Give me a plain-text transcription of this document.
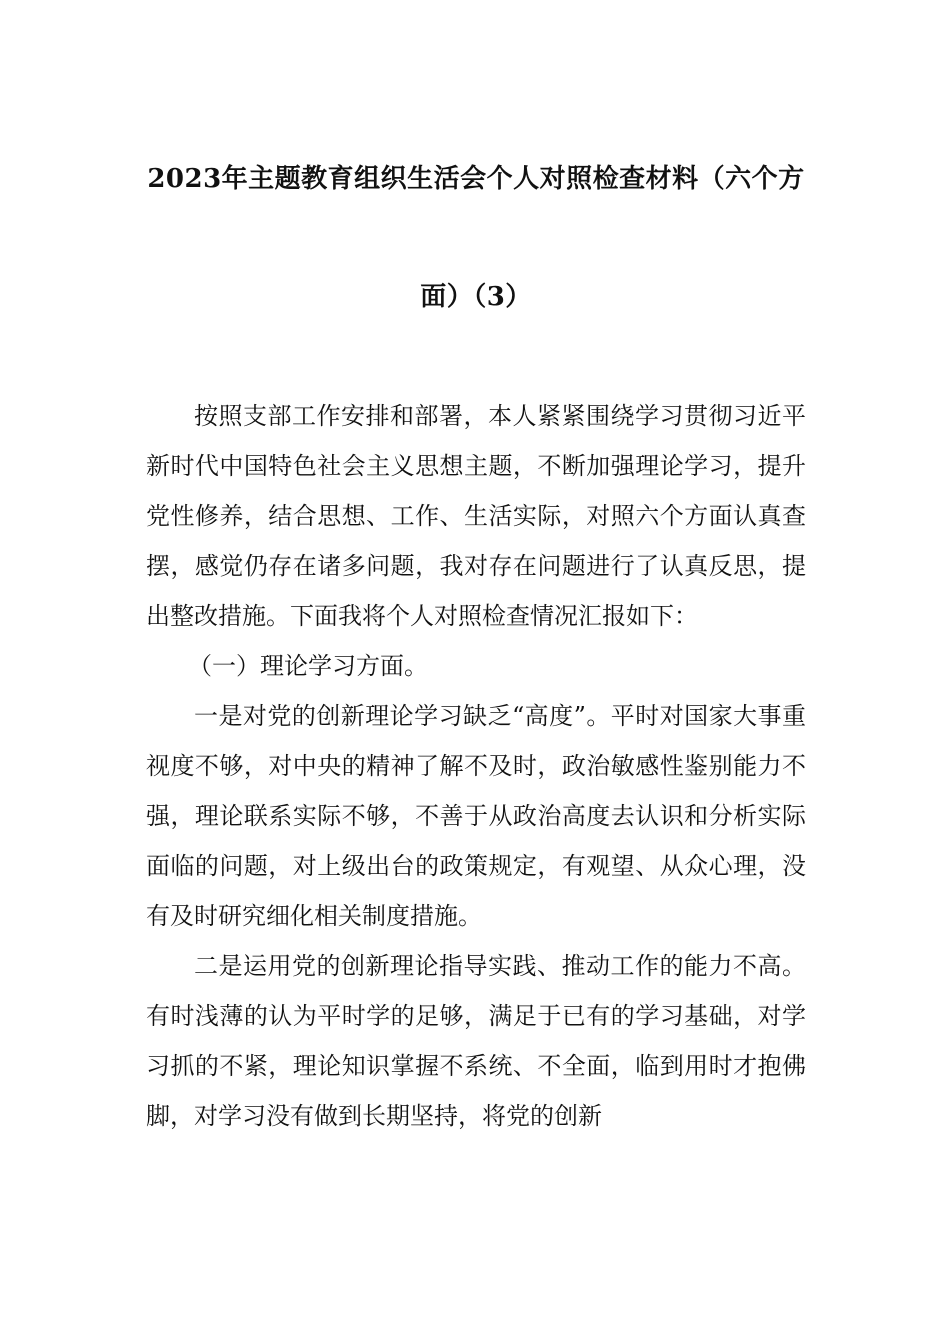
2023年主题教育组织生活会个人对照检查材料（六个方
面）（3）

按照支部工作安排和部署，本人紧紧围绕学习贯彻习近平新时代中国特色社会主义思想主题，不断加强理论学习，提升党性修养，结合思想、工作、生活实际，对照六个方面认真查摆，感觉仍存在诸多问题，我对存在问题进行了认真反思，提出整改措施。下面我将个人对照检查情况汇报如下：

（一）理论学习方面。

一是对党的创新理论学习缺乏“高度”。平时对国家大事重视度不够，对中央的精神了解不及时，政治敏感性鉴别能力不强，理论联系实际不够，不善于从政治高度去认识和分析实际面临的问题，对上级出台的政策规定，有观望、从众心理，没有及时研究细化相关制度措施。

二是运用党的创新理论指导实践、推动工作的能力不高。有时浅薄的认为平时学的足够，满足于已有的学习基础，对学习抓的不紧，理论知识掌握不系统、不全面，临到用时才抱佛脚，对学习没有做到长期坚持，将党的创新
